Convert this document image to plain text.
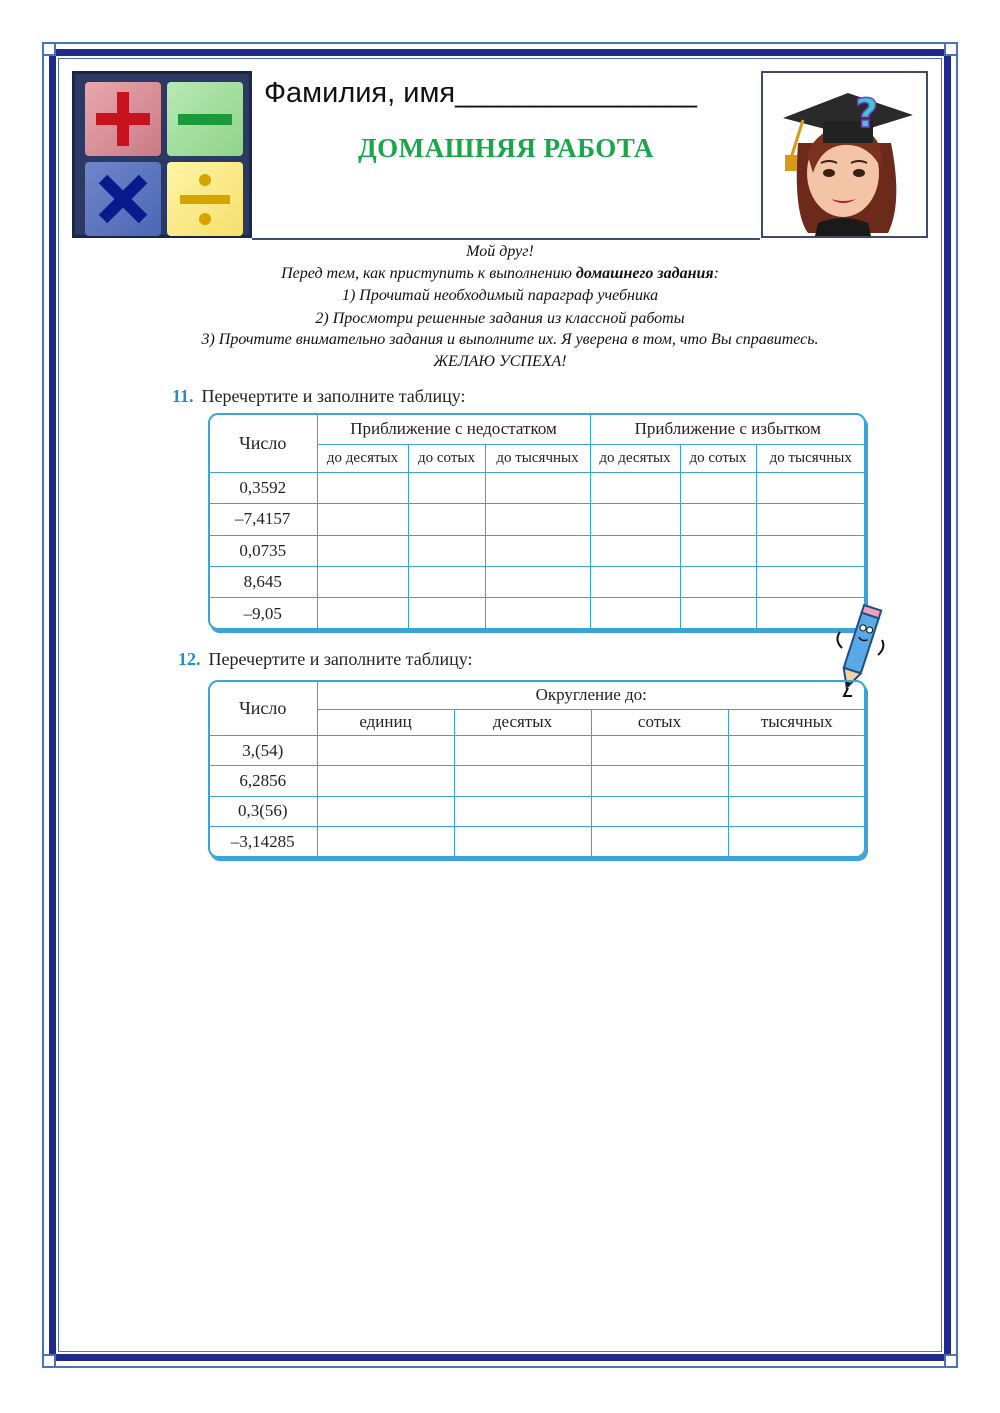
Фамилия, имя_______________
ДОМАШНЯЯ РАБОТА
?
Мой друг!
Перед тем, как приступить к выполнению домашнего задания:
1) Прочитай необходимый параграф учебника
2) Просмотри решенные задания из классной работы
3) Прочтите внимательно задания и выполните их. Я уверена в том, что Вы справитесь.
ЖЕЛАЮ УСПЕХА!
11. Перечертите и заполните таблицу:
Число	Приближение с недостатком			Приближение с избытком		
	до десятых	до сотых	до тысячных	до десятых	до сотых	до тысячных
0,3592						
–7,4157						
0,0735						
8,645						
–9,05						
12. Перечертите и заполните таблицу:
Число	Округление до:			
	единиц	десятых	сотых	тысячных
3,(54)				
6,2856				
0,3(56)				
–3,14285				
